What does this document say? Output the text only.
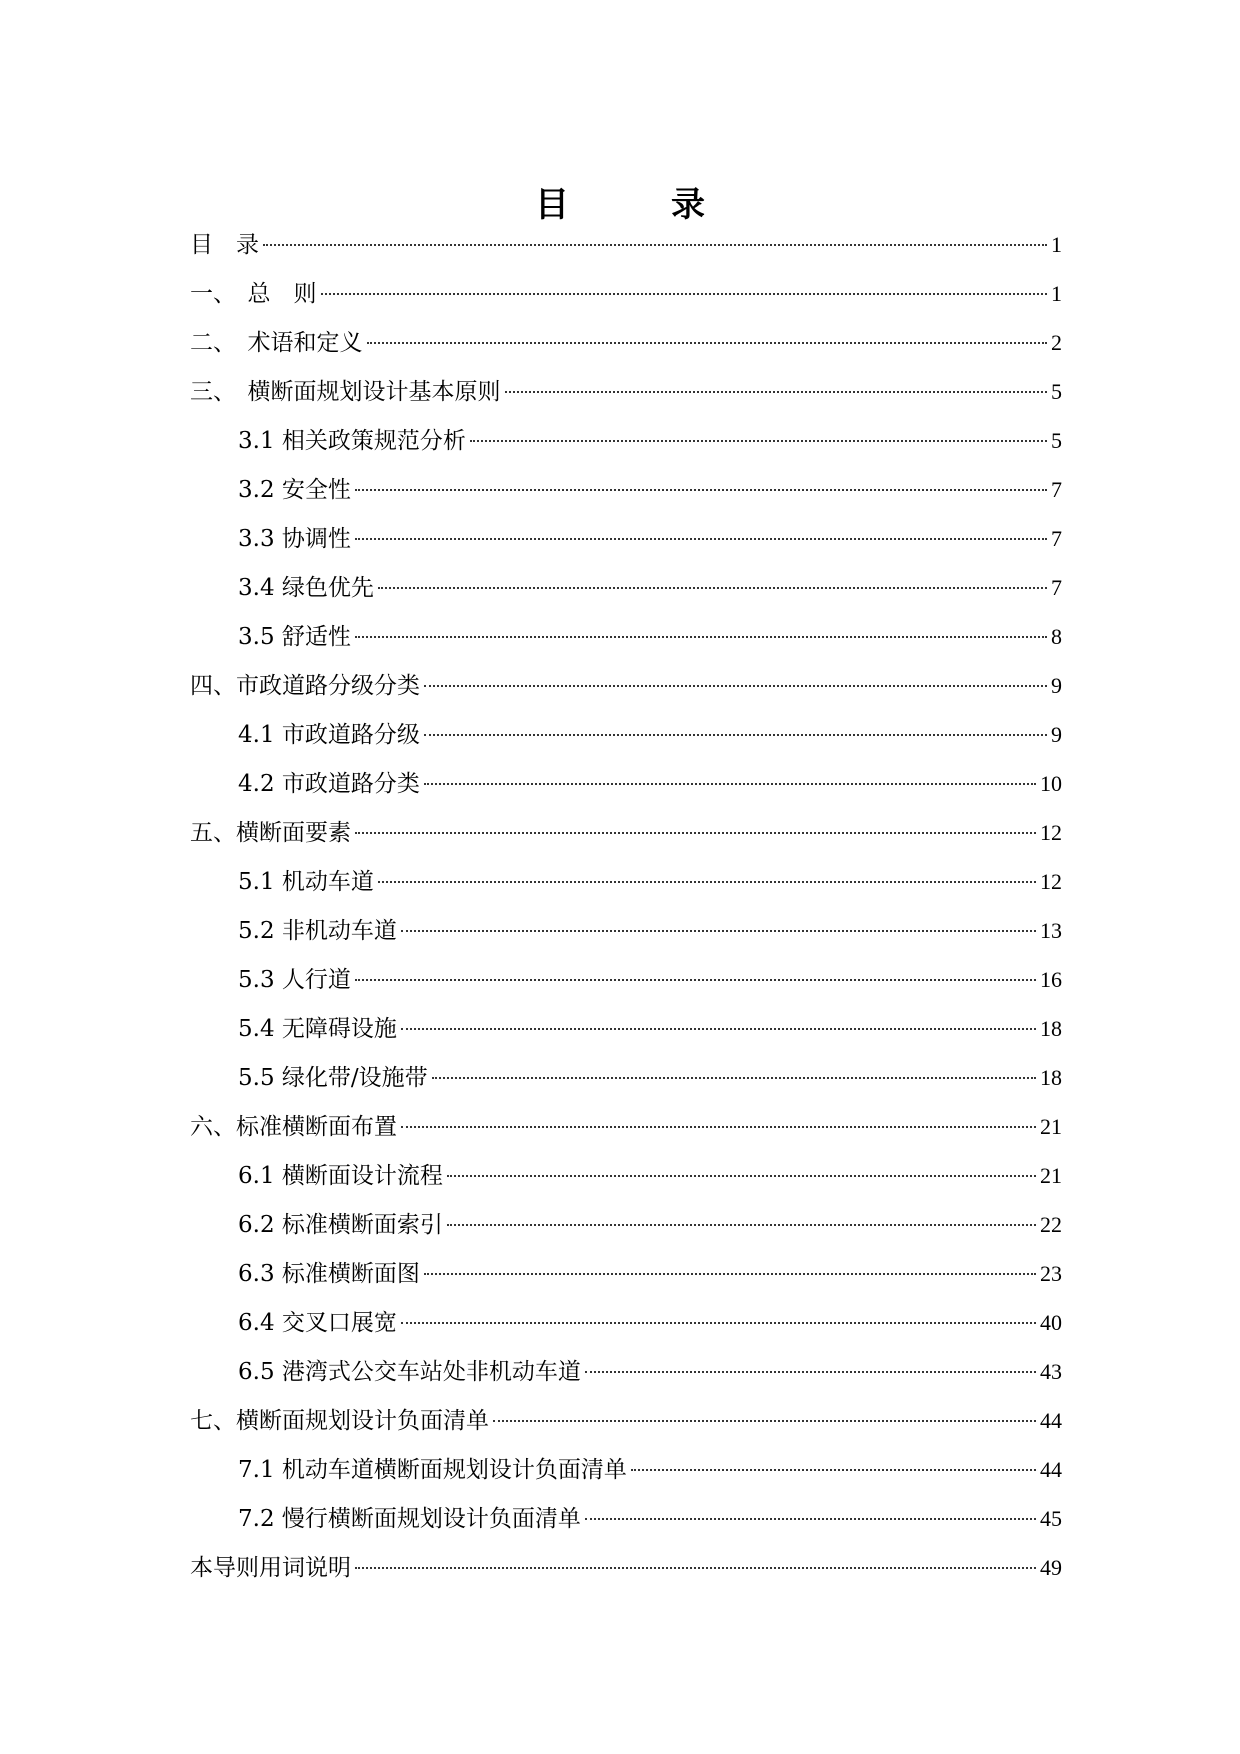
目　录
目　录	1
一、　总　则	1
二、　术语和定义	2
三、　横断面规划设计基本原则	5
3.1 相关政策规范分析	5
3.2 安全性	7
3.3 协调性	7
3.4 绿色优先	7
3.5 舒适性	8
四、市政道路分级分类	9
4.1 市政道路分级	9
4.2 市政道路分类	10
五、横断面要素	12
5.1 机动车道	12
5.2 非机动车道	13
5.3 人行道	16
5.4 无障碍设施	18
5.5 绿化带/设施带	18
六、标准横断面布置	21
6.1 横断面设计流程	21
6.2 标准横断面索引	22
6.3 标准横断面图	23
6.4 交叉口展宽	40
6.5 港湾式公交车站处非机动车道	43
七、横断面规划设计负面清单	44
7.1 机动车道横断面规划设计负面清单	44
7.2 慢行横断面规划设计负面清单	45
本导则用词说明	49
